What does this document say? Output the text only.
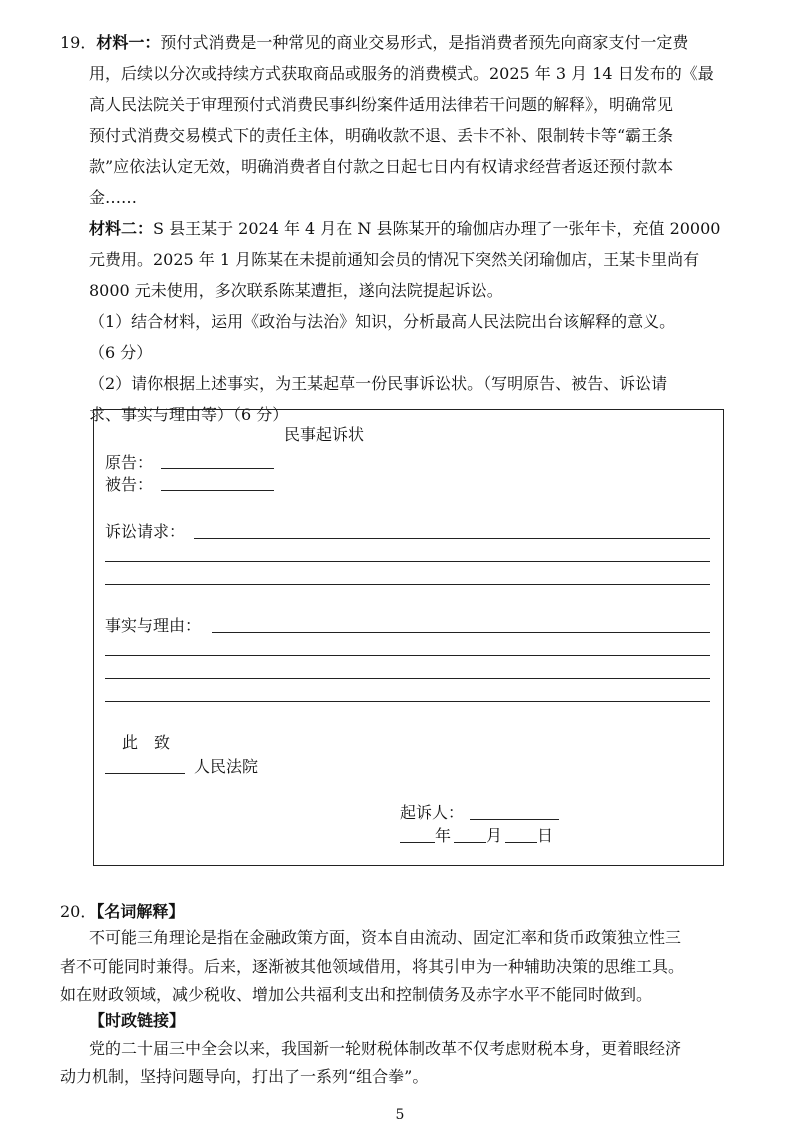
19．材料一：预付式消费是一种常见的商业交易形式，是指消费者预先向商家支付一定费
用，后续以分次或持续方式获取商品或服务的消费模式。2025 年 3 月 14 日发布的《最
高人民法院关于审理预付式消费民事纠纷案件适用法律若干问题的解释》，明确常见
预付式消费交易模式下的责任主体，明确收款不退、丢卡不补、限制转卡等“霸王条
款”应依法认定无效，明确消费者自付款之日起七日内有权请求经营者返还预付款本
金……
材料二：S 县王某于 2024 年 4 月在 N 县陈某开的瑜伽店办理了一张年卡，充值 20000
元费用。2025 年 1 月陈某在未提前通知会员的情况下突然关闭瑜伽店，王某卡里尚有
8000 元未使用，多次联系陈某遭拒，遂向法院提起诉讼。
（1）结合材料，运用《政治与法治》知识，分析最高人民法院出台该解释的意义。
（6 分）
（2）请你根据上述事实，为王某起草一份民事诉讼状。（写明原告、被告、诉讼请
求、事实与理由等）（6 分）
民事起诉状
原告：
被告：
诉讼请求：
事实与理由：
此　致
人民法院
起诉人：
年 月 日
20．【名词解释】
不可能三角理论是指在金融政策方面，资本自由流动、固定汇率和货币政策独立性三
者不可能同时兼得。后来，逐渐被其他领域借用，将其引申为一种辅助决策的思维工具。
如在财政领域，减少税收、增加公共福利支出和控制债务及赤字水平不能同时做到。
【时政链接】
党的二十届三中全会以来，我国新一轮财税体制改革不仅考虑财税本身，更着眼经济
动力机制，坚持问题导向，打出了一系列“组合拳”。
5
